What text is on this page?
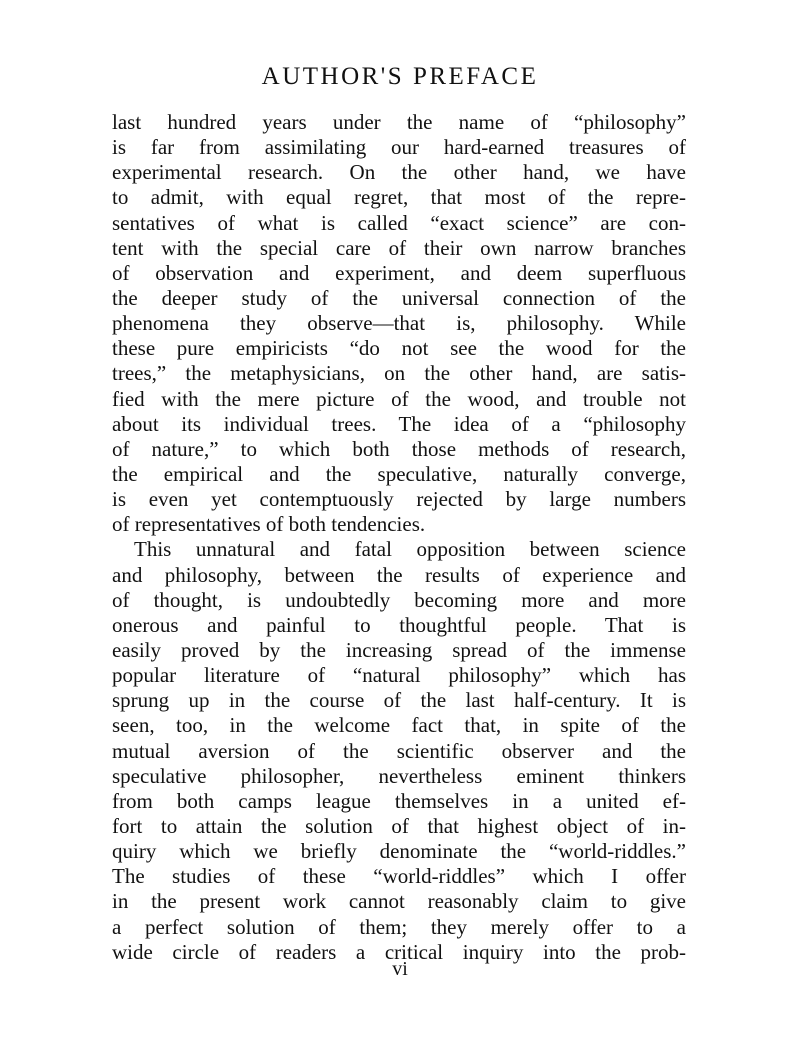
AUTHOR'S PREFACE
last hundred years under the name of “philosophy”
is far from assimilating our hard-earned treasures of
experimental research. On the other hand, we have
to admit, with equal regret, that most of the repre-
sentatives of what is called “exact science” are con-
tent with the special care of their own narrow branches
of observation and experiment, and deem superfluous
the deeper study of the universal connection of the
phenomena they observe—that is, philosophy. While
these pure empiricists “do not see the wood for the
trees,” the metaphysicians, on the other hand, are satis-
fied with the mere picture of the wood, and trouble not
about its individual trees. The idea of a “philosophy
of nature,” to which both those methods of research,
the empirical and the speculative, naturally converge,
is even yet contemptuously rejected by large numbers
of representatives of both tendencies.
This unnatural and fatal opposition between science
and philosophy, between the results of experience and
of thought, is undoubtedly becoming more and more
onerous and painful to thoughtful people. That is
easily proved by the increasing spread of the immense
popular literature of “natural philosophy” which has
sprung up in the course of the last half-century. It is
seen, too, in the welcome fact that, in spite of the
mutual aversion of the scientific observer and the
speculative philosopher, nevertheless eminent thinkers
from both camps league themselves in a united ef-
fort to attain the solution of that highest object of in-
quiry which we briefly denominate the “world-riddles.”
The studies of these “world-riddles” which I offer
in the present work cannot reasonably claim to give
a perfect solution of them; they merely offer to a
wide circle of readers a critical inquiry into the prob-
vi
